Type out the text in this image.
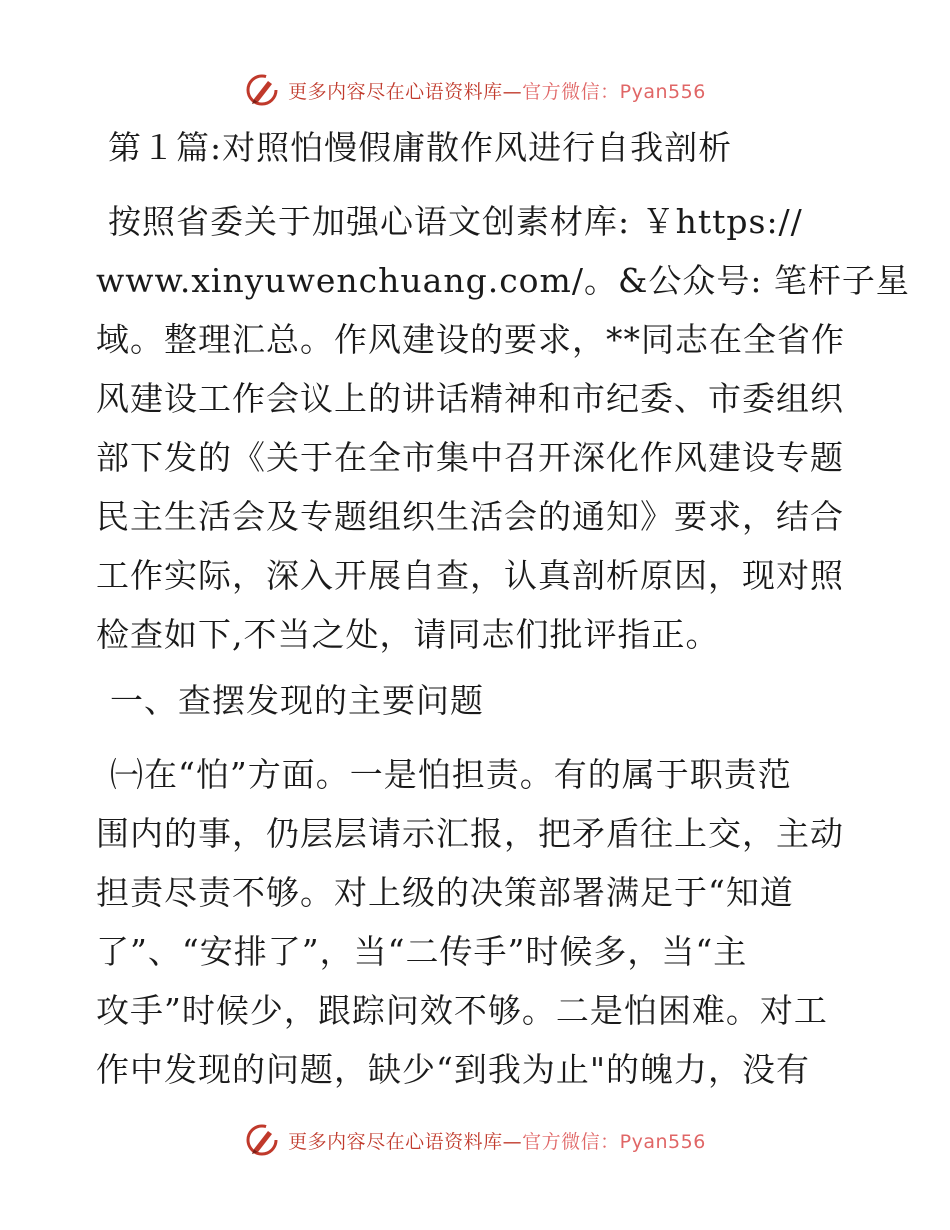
更多内容尽在心语资料库—官方微信：Pyan556
第１篇:对照怕慢假庸散作风进行自我剖析
按照省委关于加强心语文创素材库: ￥https://
www.xinyuwenchuang.com/。&公众号: 笔杆子星
域。整理汇总。作风建设的要求，**同志在全省作
风建设工作会议上的讲话精神和市纪委、市委组织
部下发的《关于在全市集中召开深化作风建设专题
民主生活会及专题组织生活会的通知》要求，结合
工作实际，深入开展自查，认真剖析原因，现对照
检查如下,不当之处，请同志们批评指正。
一、查摆发现的主要问题
㈠在“怕”方面。一是怕担责。有的属于职责范
围内的事，仍层层请示汇报，把矛盾往上交，主动
担责尽责不够。对上级的决策部署满足于“知道
了”、“安排了”，当“二传手”时候多，当“主
攻手”时候少，跟踪问效不够。二是怕困难。对工
作中发现的问题，缺少“到我为止"的魄力，没有
更多内容尽在心语资料库—官方微信：Pyan556
